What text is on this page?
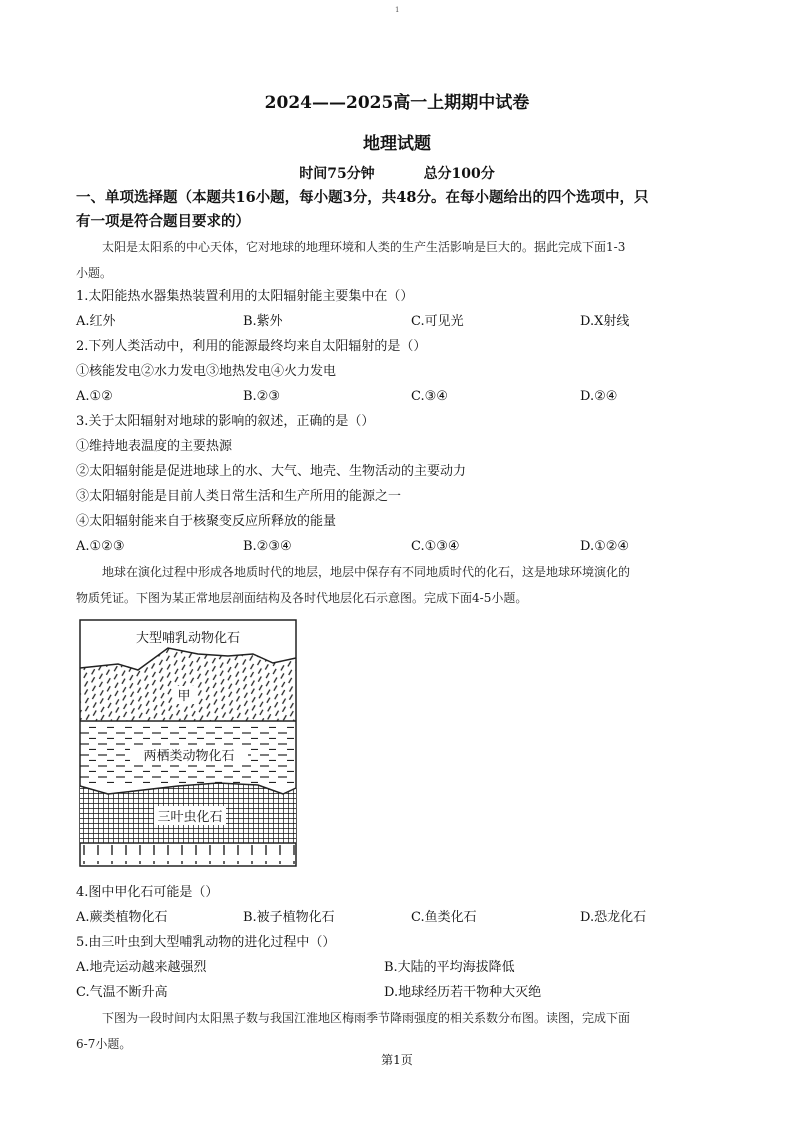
1
2024——2025高一上期期中试卷
地理试题
时间75分钟	总分100分
一、单项选择题（本题共16小题，每小题3分，共48分。在每小题给出的四个选项中，只
有一项是符合题目要求的）
太阳是太阳系的中心天体，它对地球的地理环境和人类的生产生活影响是巨大的。据此完成下面1-3
小题。
1.太阳能热水器集热装置利用的太阳辐射能主要集中在（）
A.红外	B.紫外	C.可见光	D.X射线
2.下列人类活动中，利用的能源最终均来自太阳辐射的是（）
①核能发电②水力发电③地热发电④火力发电
A.①②	B.②③	C.③④	D.②④
3.关于太阳辐射对地球的影响的叙述，正确的是（）
①维持地表温度的主要热源
②太阳辐射能是促进地球上的水、大气、地壳、生物活动的主要动力
③太阳辐射能是目前人类日常生活和生产所用的能源之一
④太阳辐射能来自于核聚变反应所释放的能量
A.①②③	B.②③④	C.①③④	D.①②④
地球在演化过程中形成各地质时代的地层，地层中保存有不同地质时代的化石，这是地球环境演化的
物质凭证。下图为某正常地层剖面结构及各时代地层化石示意图。完成下面4-5小题。
大型哺乳动物化石
甲
两栖类动物化石
三叶虫化石
4.图中甲化石可能是（）
A.蕨类植物化石	B.被子植物化石	C.鱼类化石	D.恐龙化石
5.由三叶虫到大型哺乳动物的进化过程中（）
A.地壳运动越来越强烈	B.大陆的平均海拔降低
C.气温不断升高	D.地球经历若干物种大灭绝
下图为一段时间内太阳黑子数与我国江淮地区梅雨季节降雨强度的相关系数分布图。读图，完成下面
6-7小题。
第1页
